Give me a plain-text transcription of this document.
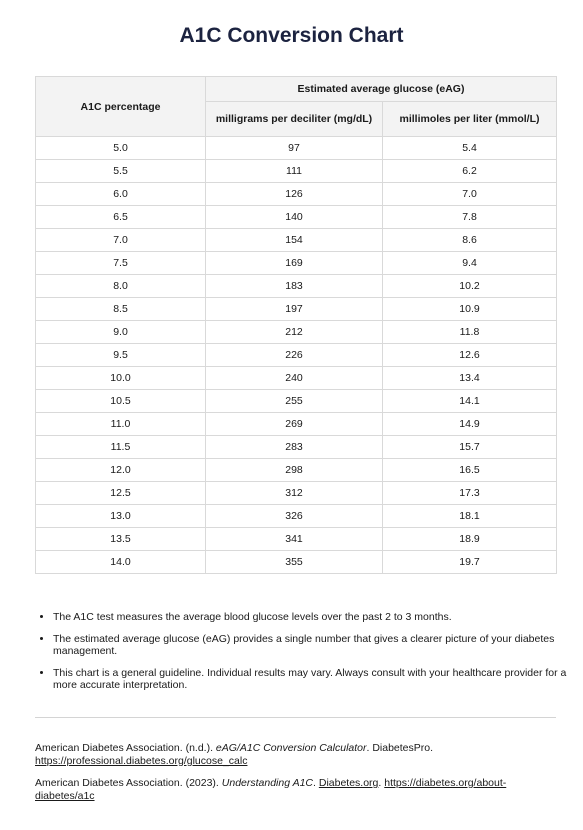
A1C Conversion Chart
A1C percentage	Estimated average glucose (eAG)	
	milligrams per deciliter (mg/dL)	millimoles per liter (mmol/L)
5.0	97	5.4
5.5	111	6.2
6.0	126	7.0
6.5	140	7.8
7.0	154	8.6
7.5	169	9.4
8.0	183	10.2
8.5	197	10.9
9.0	212	11.8
9.5	226	12.6
10.0	240	13.4
10.5	255	14.1
11.0	269	14.9
11.5	283	15.7
12.0	298	16.5
12.5	312	17.3
13.0	326	18.1
13.5	341	18.9
14.0	355	19.7
• The A1C test measures the average blood glucose levels over the past 2 to 3 months.
• The estimated average glucose (eAG) provides a single number that gives a clearer picture of your diabetes management.
• This chart is a general guideline. Individual results may vary. Always consult with your healthcare provider for a more accurate interpretation.

American Diabetes Association. (n.d.). eAG/A1C Conversion Calculator. DiabetesPro. https://professional.diabetes.org/glucose_calc

American Diabetes Association. (2023). Understanding A1C. Diabetes.org. https://diabetes.org/about-diabetes/a1c
